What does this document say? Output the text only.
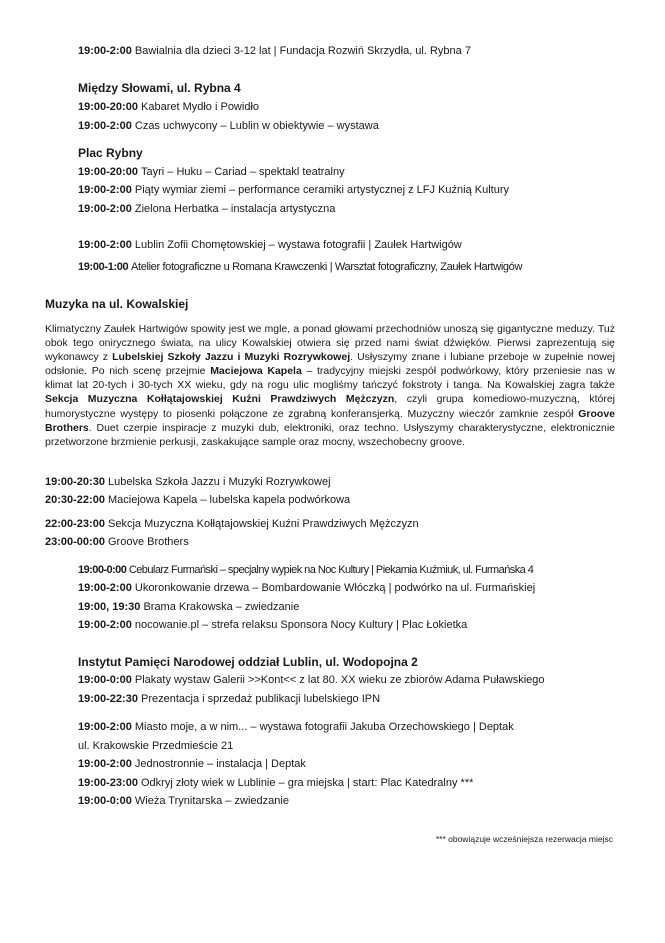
19:00-2:00 Bawialnia dla dzieci 3-12 lat | Fundacja Rozwiń Skrzydła, ul. Rybna 7
Między Słowami, ul. Rybna 4
19:00-20:00 Kabaret Mydło i Powidło
19:00-2:00 Czas uchwycony – Lublin w obiektywie – wystawa
Plac Rybny
19:00-20:00 Tayri – Huku – Cariad – spektakl teatralny
19:00-2:00 Piąty wymiar ziemi – performance ceramiki artystycznej z LFJ Kuźnią Kultury
19:00-2:00 Zielona Herbatka – instalacja artystyczna
19:00-2:00 Lublin Zofii Chomętowskiej – wystawa fotografii | Zaułek Hartwigów
19:00-1:00 Atelier fotograficzne u Romana Krawczenki | Warsztat fotograficzny, Zaułek Hartwigów
Muzyka na ul. Kowalskiej
Klimatyczny Zaułek Hartwigów spowity jest we mgle, a ponad głowami przechodniów unoszą się gigantyczne meduzy. Tuż obok tego onirycznego świata, na ulicy Kowalskiej otwiera się przed nami świat dźwięków. Pierwsi zaprezentują się wykonawcy z Lubelskiej Szkoły Jazzu i Muzyki Rozrywkowej. Usłyszymy znane i lubiane przeboje w zupełnie nowej odsłonie. Po nich scenę przejmie Maciejowa Kapela – tradycyjny miejski zespół podwórkowy, który przeniesie nas w klimat lat 20-tych i 30-tych XX wieku, gdy na rogu ulic mogliśmy tańczyć fokstroty i tanga. Na Kowalskiej zagra także Sekcja Muzyczna Kołłątajowskiej Kuźni Prawdziwych Mężczyzn, czyli grupa komediowo-muzyczną, której humorystyczne występy to piosenki połączone ze zgrabną konferansjerką. Muzyczny wieczór zamknie zespół Groove Brothers. Duet czerpie inspiracje z muzyki dub, elektroniki, oraz techno. Usłyszymy charakterystyczne, elektronicznie przetworzone brzmienie perkusji, zaskakujące sample oraz mocny, wszechobecny groove.
19:00-20:30 Lubelska Szkoła Jazzu i Muzyki Rozrywkowej
20:30-22:00 Maciejowa Kapela – lubelska kapela podwórkowa
22:00-23:00 Sekcja Muzyczna Kołłątajowskiej Kuźni Prawdziwych Mężczyzn
23:00-00:00 Groove Brothers
19:00-0:00 Cebularz Furmański – specjalny wypiek na Noc Kultury | Piekarnia Kuźmiuk, ul. Furmańska 4
19:00-2:00 Ukoronkowanie drzewa – Bombardowanie Włóczką | podwórko na ul. Furmańskiej
19:00, 19:30 Brama Krakowska – zwiedzanie
19:00-2:00 nocowanie.pl – strefa relaksu Sponsora Nocy Kultury | Plac Łokietka
Instytut Pamięci Narodowej oddział Lublin, ul. Wodopojna 2
19:00-0:00 Plakaty wystaw Galerii >>Kont<< z lat 80. XX wieku ze zbiorów Adama Puławskiego
19:00-22:30 Prezentacja i sprzedaż publikacji lubelskiego IPN
19:00-2:00 Miasto moje, a w nim... – wystawa fotografii Jakuba Orzechowskiego | Deptak
ul. Krakowskie Przedmieście 21
19:00-2:00 Jednostronnie – instalacja | Deptak
19:00-23:00 Odkryj złoty wiek w Lublinie – gra miejska | start: Plac Katedralny ***
19:00-0:00 Wieża Trynitarska – zwiedzanie
*** obowiązuje wcześniejsza rezerwacja miejsc
